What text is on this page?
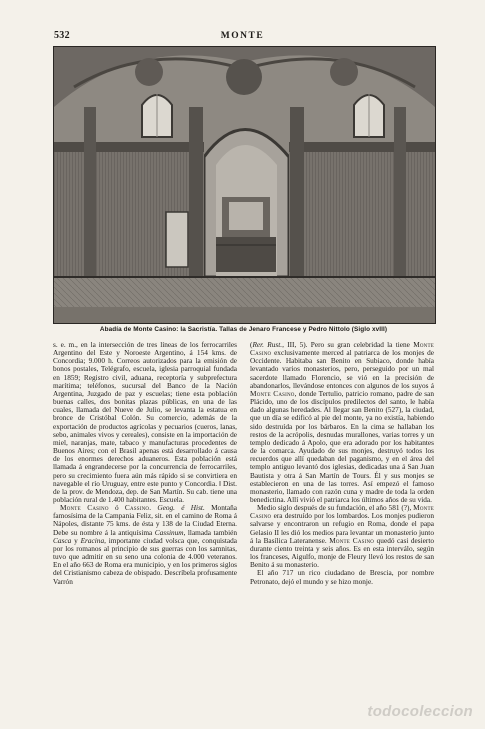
532	MONTE
Abadía de Monte Casino: la Sacristía. Tallas de Jenaro Francese y Pedro Nittolo (Siglo xvIII)

s. e. m., en la intersección de tres líneas de los ferrocarriles Argentino del Este y Noroeste Argentino, á 154 kms. de Concordia; 9.000 h. Correos autorizados para la emisión de bonos postales, Telégrafo, escuela, iglesia parroquial fundada en 1859; Registro civil, aduana, receptoría y subprefectura marítima; teléfonos, sucursal del Banco de la Nación Argentina, Juzgado de paz y escuelas; tiene esta población buenas calles, dos bonitas plazas públicas, en una de las cuales, llamada del Nueve de Julio, se levanta la estatua en bronce de Cristóbal Colón. Su comercio, además de la exportación de productos agrícolas y pecuarios (cueros, lanas, sebo, animales vivos y cereales), consiste en la importación de miel, naranjas, mate, tabaco y manufacturas procedentes de Buenos Aires; con el Brasil apenas está desarrollado á causa de los enormes derechos aduaneros. Esta población está llamada á engrandecerse por la concurrencia de ferrocarriles, pero su crecimiento fuera aún más rápido si se convirtiera en navegable el río Uruguay, entre este punto y Concordia. ‖ Dist. de la prov. de Mendoza, dep. de San Martín. Su cab. tiene una población rural de 1.400 habitantes. Escuela.

Monte Casino ó Cassino. Geog. é Hist. Montaña famosísima de la Campania Feliz, sit. en el camino de Roma á Nápoles, distante 75 kms. de ésta y 138 de la Ciudad Eterna. Debe su nombre á la antiquísima Cassinum, llamada también Casca y Eracina, importante ciudad volsca que, conquistada por los romanos al principio de sus guerras con los samnitas, tuvo que admitir en su seno una colonia de 4.000 veteranos. En el año 663 de Roma era municipio, y en los primeros siglos del Cristianismo cabeza de obispado. Descríbela profusamente Varrón

(Rer. Rust., III, 5). Pero su gran celebridad la tiene Monte Casino exclusivamente merced al patriarca de los monjes de Occidente. Habitaba san Benito en Subiaco, donde había levantado varios monasterios, pero, perseguido por un mal sacerdote llamado Florencio, se vió en la precisión de abandonarlos, llevándose entonces con algunos de los suyos á Monte Casino, donde Tertulio, patricio romano, padre de san Plácido, uno de los discípulos predilectos del santo, le había dado algunas heredades. Al llegar san Benito (527), la ciudad, que un día se edificó al pie del monte, ya no existía, habiendo sido destruída por los bárbaros. En la cima se hallaban los restos de la acrópolis, desnudas murallones, varias torres y un templo dedicado á Apolo, que era adorado por los habitantes de la comarca. Ayudado de sus monjes, destruyó todos los recuerdos que allí quedaban del paganismo, y en el área del templo antiguo levantó dos iglesias, dedicadas una á San Juan Bautista y otra á San Martín de Tours. Él y sus monjes se establecieron en una de las torres. Así empezó el famoso monasterio, llamado con razón cuna y madre de toda la orden benedictina. Allí vivió el patriarca los últimos años de su vida.

Medio siglo después de su fundación, el año 581 (?), Monte Casino era destruído por los lombardos. Los monjes pudieron salvarse y encontraron un refugio en Roma, donde el papa Gelasio II les dió los medios para levantar un monasterio junto á la Basílica Lateranense. Monte Casino quedó casi desierto durante ciento treinta y seis años. Es en esta interválo, según los franceses, Aigulfo, monje de Fleury llevó los restos de san Benito á su monasterio.

El año 717 un rico ciudadano de Brescia, por nombre Petronato, dejó el mundo y se hizo monje.

todocoleccion
